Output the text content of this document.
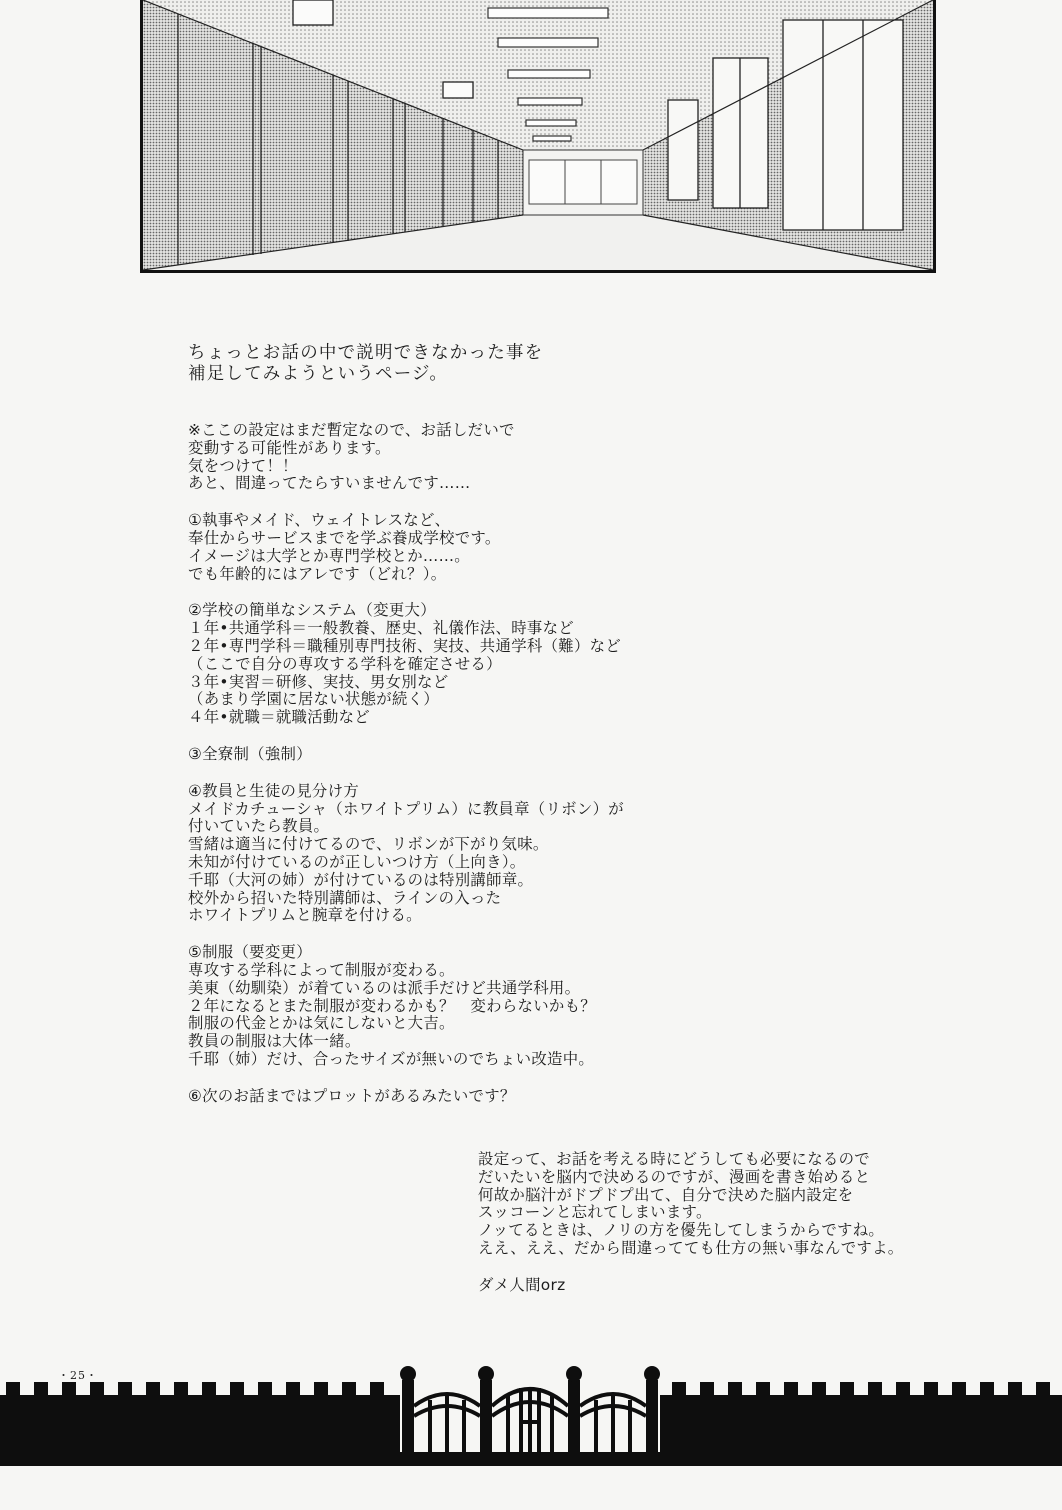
ちょっとお話の中で説明できなかった事を
補足してみようというページ。
※ここの設定はまだ暫定なので、お話しだいで
変動する可能性があります。
気をつけて！！
あと、間違ってたらすいませんです……
①執事やメイド、ウェイトレスなど、
奉仕からサービスまでを学ぶ養成学校です。
イメージは大学とか専門学校とか……。
でも年齢的にはアレです（どれ？）。
②学校の簡単なシステム（変更大）
１年•共通学科＝一般教養、歴史、礼儀作法、時事など
２年•専門学科＝職種別専門技術、実技、共通学科（難）など
（ここで自分の専攻する学科を確定させる）
３年•実習＝研修、実技、男女別など
（あまり学園に居ない状態が続く）
４年•就職＝就職活動など
③全寮制（強制）
④教員と生徒の見分け方
メイドカチューシャ（ホワイトプリム）に教員章（リボン）が
付いていたら教員。
雪緒は適当に付けてるので、リボンが下がり気味。
未知が付けているのが正しいつけ方（上向き）。
千耶（大河の姉）が付けているのは特別講師章。
校外から招いた特別講師は、ラインの入った
ホワイトプリムと腕章を付ける。
⑤制服（要変更）
専攻する学科によって制服が変わる。
美東（幼馴染）が着ているのは派手だけど共通学科用。
２年になるとまた制服が変わるかも？　変わらないかも？
制服の代金とかは気にしないと大吉。
教員の制服は大体一緒。
千耶（姉）だけ、合ったサイズが無いのでちょい改造中。
⑥次のお話まではプロットがあるみたいです？
設定って、お話を考える時にどうしても必要になるので
だいたいを脳内で決めるのですが、漫画を書き始めると
何故か脳汁がドプドプ出て、自分で決めた脳内設定を
スッコーンと忘れてしまいます。
ノッてるときは、ノリの方を優先してしまうからですね。
ええ、ええ、だから間違ってても仕方の無い事なんですよ。
ダメ人間orz
・25・
